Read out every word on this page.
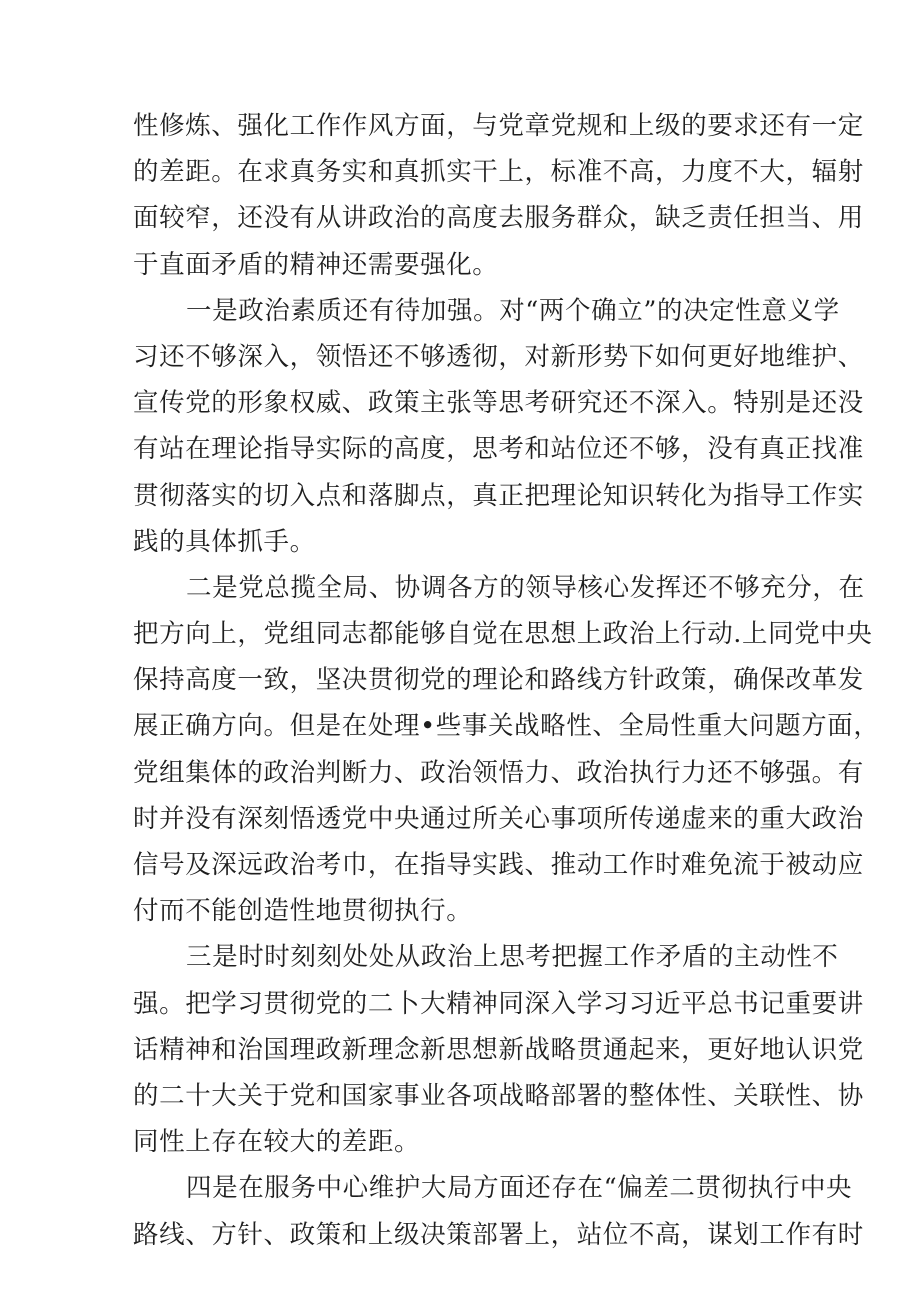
性修炼、强化工作作风方面，与党章党规和上级的要求还有一定
的差距。在求真务实和真抓实干上，标准不高，力度不大，辐射
面较窄，还没有从讲政治的高度去服务群众，缺乏责任担当、用
于直面矛盾的精神还需要强化。
一是政治素质还有待加强。对“两个确立”的决定性意义学
习还不够深入，领悟还不够透彻，对新形势下如何更好地维护、
宣传党的形象权威、政策主张等思考研究还不深入。特别是还没
有站在理论指导实际的高度，思考和站位还不够，没有真正找准
贯彻落实的切入点和落脚点，真正把理论知识转化为指导工作实
践的具体抓手。
二是党总揽全局、协调各方的领导核心发挥还不够充分，在
把方向上，党组同志都能够自觉在思想上政治上行动.上同党中央
保持高度一致，坚决贯彻党的理论和路线方针政策，确保改革发
展正确方向。但是在处理•些事关战略性、全局性重大问题方面，
党组集体的政治判断力、政治领悟力、政治执行力还不够强。有
时并没有深刻悟透党中央通过所关心事项所传递虚来的重大政治
信号及深远政治考巾，在指导实践、推动工作时难免流于被动应
付而不能创造性地贯彻执行。
三是时时刻刻处处从政治上思考把握工作矛盾的主动性不
强。把学习贯彻党的二卜大精神同深入学习习近平总书记重要讲
话精神和治国理政新理念新思想新战略贯通起来，更好地认识党
的二十大关于党和国家事业各项战略部署的整体性、关联性、协
同性上存在较大的差距。
四是在服务中心维护大局方面还存在“偏差二贯彻执行中央
路线、方针、政策和上级决策部署上，站位不高，谋划工作有时
